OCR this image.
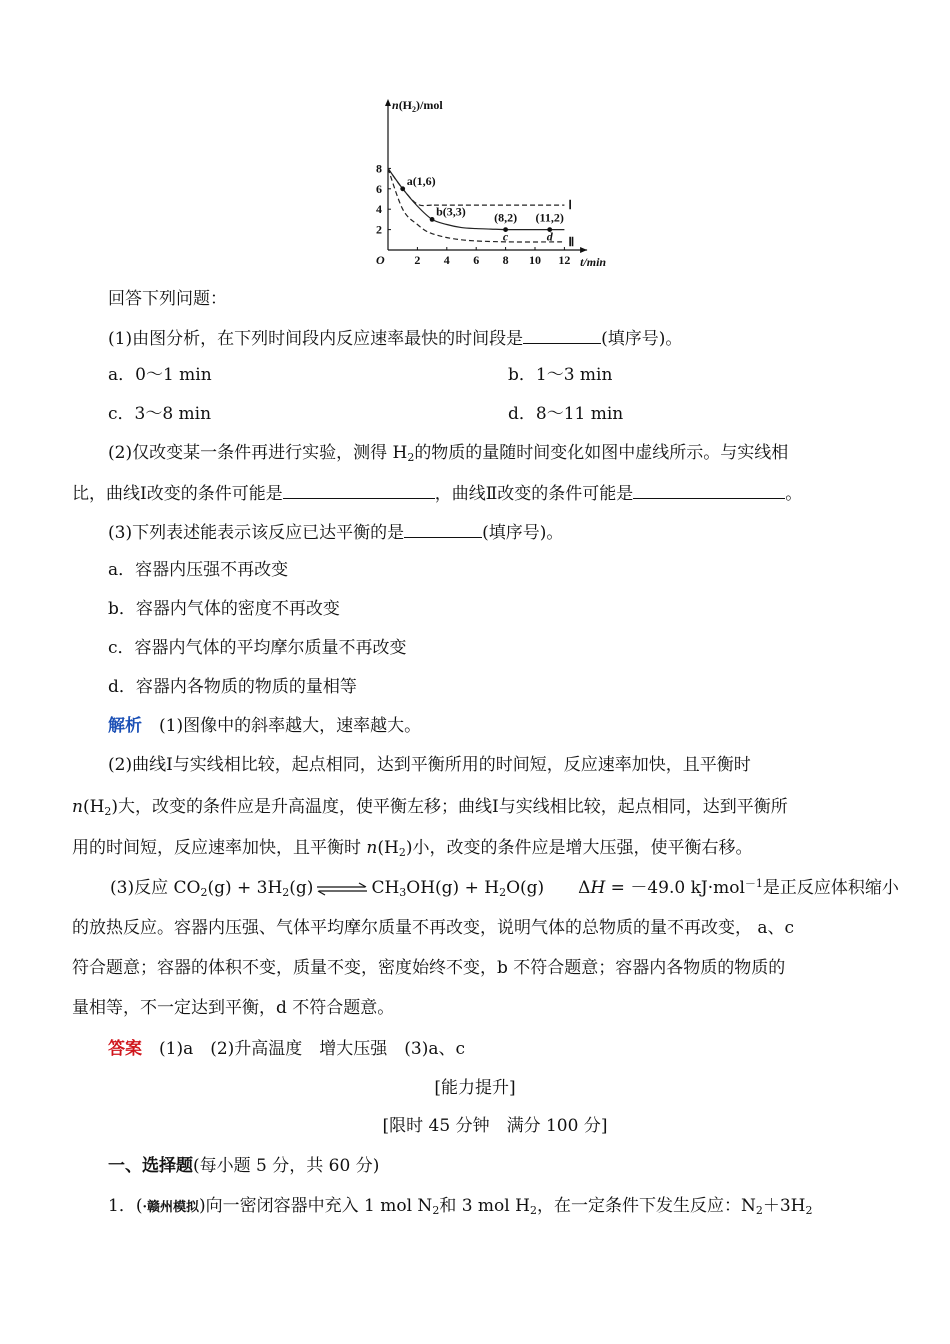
$n(H_2)$/mol
t/min
O 2 4 6 8 10 12
2
4
6
8
Ⅰ
Ⅱ
a(1,6)
b(3,3) (8,2)
c
(11,2)
d
回答下列问题：
(1)由图分析，在下列时间段内反应速率最快的时间段是	(填序号)。
a．0～1 min	b．1～3 min
c．3～8 min	d．8～11 min
(2)仅改变某一条件再进行实验，测得 $H_2$的物质的量随时间变化如图中虚线所示。与实线相
比，曲线Ⅰ改变的条件可能是	，曲线Ⅱ改变的条件可能是	。
(3)下列表述能表示该反应已达平衡的是	(填序号)。
a．容器内压强不再改变
b．容器内气体的密度不再改变
c．容器内气体的平均摩尔质量不再改变
d．容器内各物质的物质的量相等
解析　 (1)图像中的斜率越大，速率越大。
(2)曲线Ⅰ与实线相比较，起点相同，达到平衡所用的时间短，反应速率加快，且平衡时
$n(H_2)$大，改变的条件应是升高温度，使平衡左移；曲线Ⅰ与实线相比较，起点相同，达到平衡所
用的时间短，反应速率加快，且平衡时 $n(H_2)$小，改变的条件应是增大压强，使平衡右移。
(3)反应 $CO_2(g) + 3H_2(g)$ ⇌ $CH_3OH(g) + H_2O(g)$　　 ΔH = －49.0 kJ·mol$^{-1}$是正反应体积缩小
的放热反应。容器内压强、气体平均摩尔质量不再改变，说明气体的总物质的量不再改变， a、c
符合题意；容器的体积不变，质量不变，密度始终不变，b 不符合题意；容器内各物质的物质的
量相等，不一定达到平衡，d 不符合题意。
答案　 (1)a　(2)升高温度　增大压强　(3)a、c
[能力提升]
[限时 45 分钟　满分 100 分]
一、选择题(每小题 5 分，共 60 分)
1．(·赣州模拟)向一密闭容器中充入 1 mol $N_2$和 3 mol $H_2$，在一定条件下发生反应：$N_2+3H_2$
